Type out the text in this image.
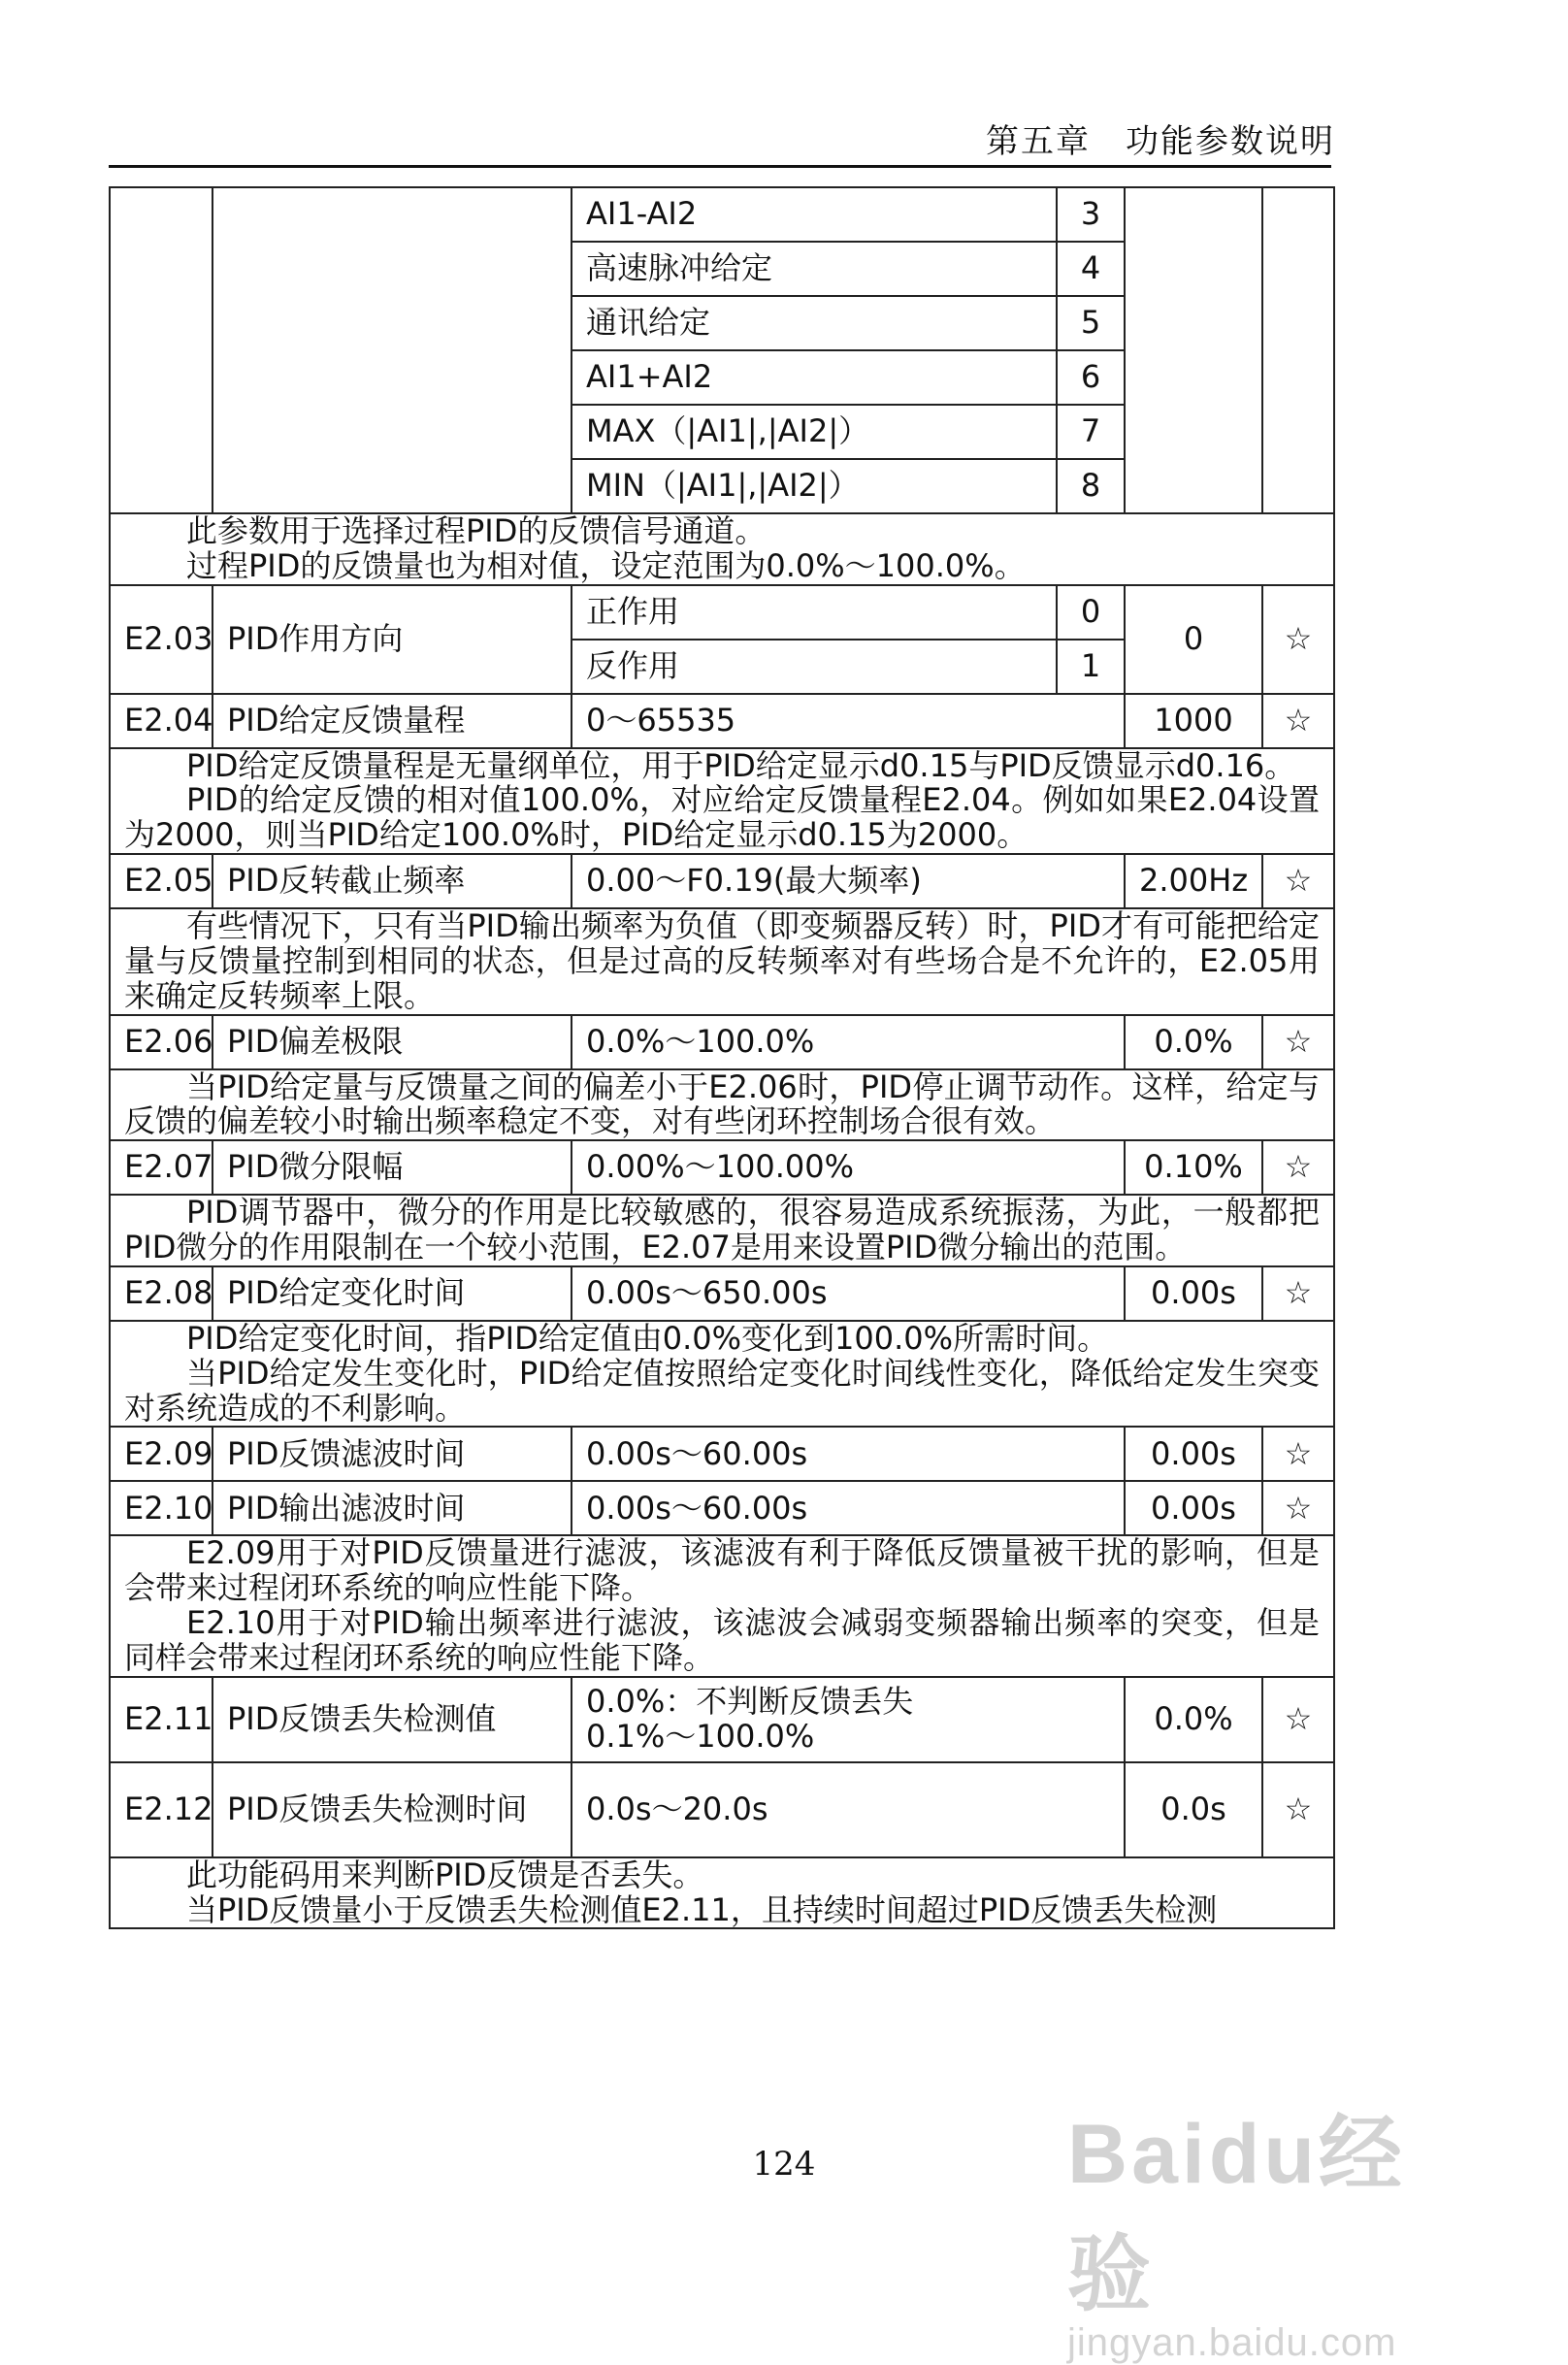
第五章　功能参数说明
		AI1-AI2	3		
		高速脉冲给定	4		
		通讯给定	5		
		AI1+AI2	6		
		MAX（|AI1|,|AI2|）	7		
		MIN（|AI1|,|AI2|）	8		

此参数用于选择过程PID的反馈信号通道。
过程PID的反馈量也为相对值，设定范围为0.0%～100.0%。					

E2.03	PID作用方向	正作用	0	0	☆
		反作用	1		
E2.04	PID给定反馈量程	0～65535		1000	☆

PID给定反馈量程是无量纲单位，用于PID给定显示d0.15与PID反馈显示d0.16。
PID的给定反馈的相对值100.0%，对应给定反馈量程E2.04。例如如果E2.04设置为2000，则当PID给定100.0%时，PID给定显示d0.15为2000。					

E2.05	PID反转截止频率	0.00～F0.19(最大频率)		2.00Hz	☆

有些情况下，只有当PID输出频率为负值（即变频器反转）时，PID才有可能把给定量与反馈量控制到相同的状态，但是过高的反转频率对有些场合是不允许的，E2.05用来确定反转频率上限。					

E2.06	PID偏差极限	0.0%～100.0%		0.0%	☆

当PID给定量与反馈量之间的偏差小于E2.06时，PID停止调节动作。这样，给定与反馈的偏差较小时输出频率稳定不变，对有些闭环控制场合很有效。					

E2.07	PID微分限幅	0.00%～100.00%		0.10%	☆

PID调节器中，微分的作用是比较敏感的，很容易造成系统振荡，为此，一般都把PID微分的作用限制在一个较小范围，E2.07是用来设置PID微分输出的范围。					

E2.08	PID给定变化时间	0.00s～650.00s		0.00s	☆

PID给定变化时间，指PID给定值由0.0%变化到100.0%所需时间。
当PID给定发生变化时，PID给定值按照给定变化时间线性变化，降低给定发生突变对系统造成的不利影响。					

E2.09	PID反馈滤波时间	0.00s～60.00s		0.00s	☆
E2.10	PID输出滤波时间	0.00s～60.00s		0.00s	☆

E2.09用于对PID反馈量进行滤波，该滤波有利于降低反馈量被干扰的影响，但是会带来过程闭环系统的响应性能下降。
E2.10用于对PID输出频率进行滤波，该滤波会减弱变频器输出频率的突变，但是同样会带来过程闭环系统的响应性能下降。					

E2.11	PID反馈丢失检测值	0.0%：不判断反馈丢失
0.1%～100.0%		0.0%	☆
E2.12	PID反馈丢失检测时间	0.0s～20.0s		0.0s	☆

此功能码用来判断PID反馈是否丢失。
当PID反馈量小于反馈丢失检测值E2.11，且持续时间超过PID反馈丢失检测					
124	Baidu经验
jingyan.baidu.com
